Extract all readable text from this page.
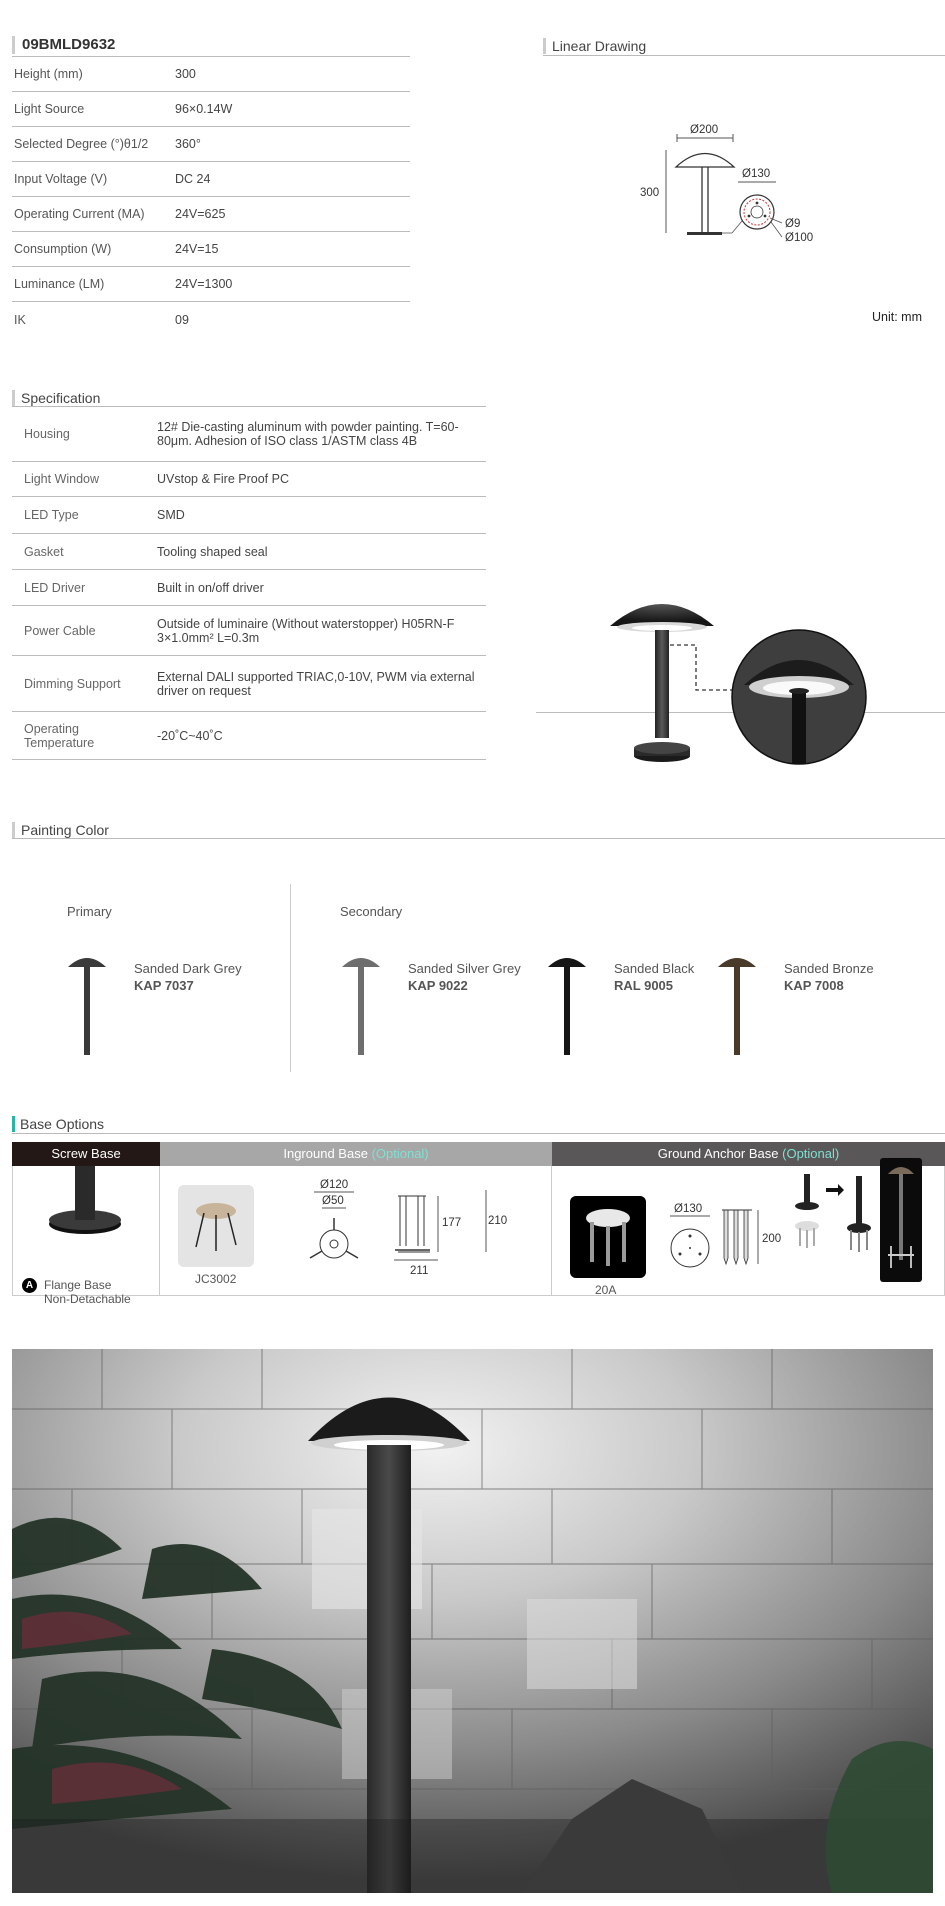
09BMLD9632
Height (mm)	300
Light Source	96×0.14W
Selected Degree (°)θ1/2 360°
Input Voltage (V)	DC 24
Operating Current (MA) 24V=625
Consumption (W)	24V=15
Luminance (LM)	24V=1300
IK	09
Linear Drawing
Ø200
300
Ø130
Ø9
Ø100
Unit: mm
Specification
Housing	12# Die-casting aluminum with powder painting. T=60-80μm. Adhesion of ISO class 1/ASTM class 4B
Light Window	UVstop & Fire Proof PC
LED Type	SMD
Gasket	Tooling shaped seal
LED Driver	Built in on/off driver
Power Cable	Outside of luminaire (Without waterstopper) H05RN-F 3×1.0mm² L=0.3m
Dimming Support	External DALI supported TRIAC,0-10V, PWM via external driver on request
Operating Temperature	-20˚C~40˚C
Painting Color
Primary	Secondary
Sanded Dark Grey
KAP 7037
Sanded Silver Grey
KAP 9022
Sanded Black
RAL 9005
Sanded Bronze
KAP 7008
Base Options
Screw Base	Inground Base (Optional)	Ground Anchor Base (Optional)
A Flange Base
Non-Detachable
JC3002
Ø120
Ø50
177 210
211
20A
Ø130
200
